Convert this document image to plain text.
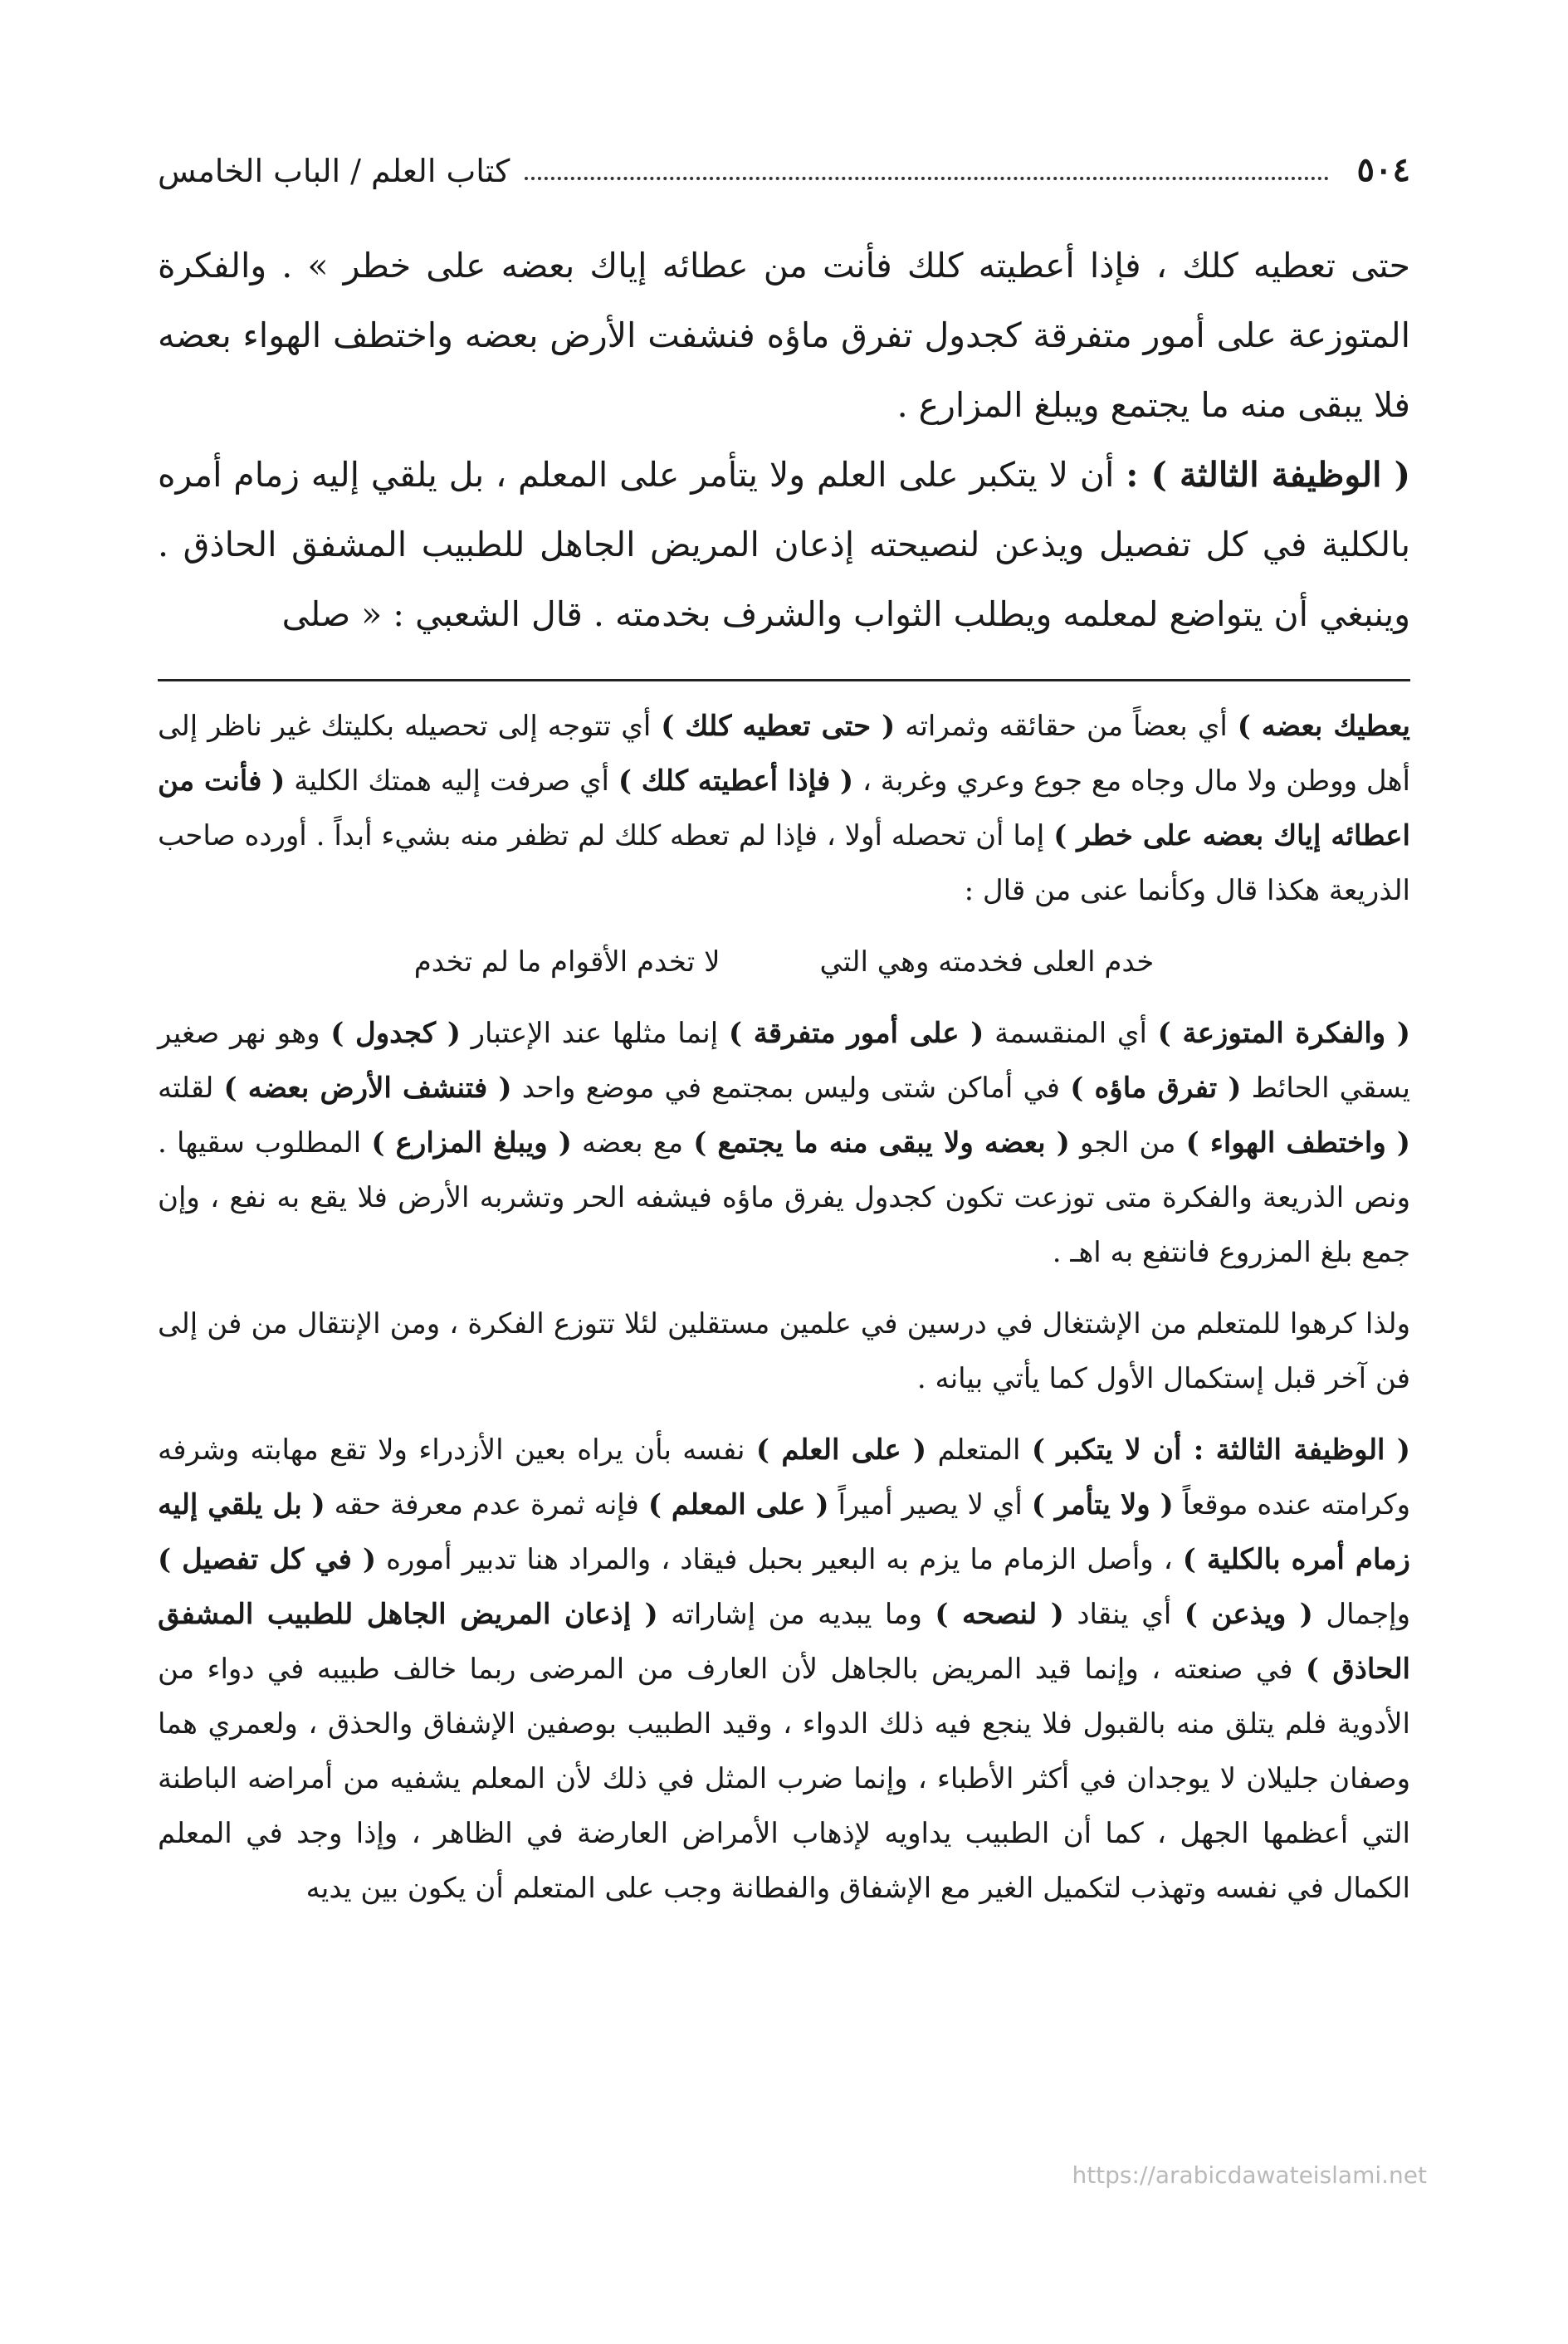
٥٠٤
كتاب العلم / الباب الخامس

حتى تعطيه كلك ، فإذا أعطيته كلك فأنت من عطائه إياك بعضه على خطر » . والفكرة المتوزعة على أمور متفرقة كجدول تفرق ماؤه فنشفت الأرض بعضه واختطف الهواء بعضه فلا يبقى منه ما يجتمع ويبلغ المزارع .

( الوظيفة الثالثة ) : أن لا يتكبر على العلم ولا يتأمر على المعلم ، بل يلقي إليه زمام أمره بالكلية في كل تفصيل ويذعن لنصيحته إذعان المريض الجاهل للطبيب المشفق الحاذق . وينبغي أن يتواضع لمعلمه ويطلب الثواب والشرف بخدمته . قال الشعبي : « صلى

يعطيك بعضه ) أي بعضاً من حقائقه وثمراته ( حتى تعطيه كلك ) أي تتوجه إلى تحصيله بكليتك غير ناظر إلى أهل ووطن ولا مال وجاه مع جوع وعري وغربة ، ( فإذا أعطيته كلك ) أي صرفت إليه همتك الكلية ( فأنت من اعطائه إياك بعضه على خطر ) إما أن تحصله أولا ، فإذا لم تعطه كلك لم تظفر منه بشيء أبداً . أورده صاحب الذريعة هكذا قال وكأنما عنى من قال :

خدم العلى فخدمته وهي التي
لا تخدم الأقوام ما لم تخدم

( والفكرة المتوزعة ) أي المنقسمة ( على أمور متفرقة ) إنما مثلها عند الإعتبار ( كجدول ) وهو نهر صغير يسقي الحائط ( تفرق ماؤه ) في أماكن شتى وليس بمجتمع في موضع واحد ( فتنشف الأرض بعضه ) لقلته ( واختطف الهواء ) من الجو ( بعضه ولا يبقى منه ما يجتمع ) مع بعضه ( ويبلغ المزارع ) المطلوب سقيها . ونص الذريعة والفكرة متى توزعت تكون كجدول يفرق ماؤه فيشفه الحر وتشربه الأرض فلا يقع به نفع ، وإن جمع بلغ المزروع فانتفع به اهـ .

ولذا كرهوا للمتعلم من الإشتغال في درسين في علمين مستقلين لئلا تتوزع الفكرة ، ومن الإنتقال من فن إلى فن آخر قبل إستكمال الأول كما يأتي بيانه .

( الوظيفة الثالثة : أن لا يتكبر ) المتعلم ( على العلم ) نفسه بأن يراه بعين الأزدراء ولا تقع مهابته وشرفه وكرامته عنده موقعاً ( ولا يتأمر ) أي لا يصير أميراً ( على المعلم ) فإنه ثمرة عدم معرفة حقه ( بل يلقي إليه زمام أمره بالكلية ) ، وأصل الزمام ما يزم به البعير بحبل فيقاد ، والمراد هنا تدبير أموره ( في كل تفصيل ) وإجمال ( ويذعن ) أي ينقاد ( لنصحه ) وما يبديه من إشاراته ( إذعان المريض الجاهل للطبيب المشفق الحاذق ) في صنعته ، وإنما قيد المريض بالجاهل لأن العارف من المرضى ربما خالف طبيبه في دواء من الأدوية فلم يتلق منه بالقبول فلا ينجع فيه ذلك الدواء ، وقيد الطبيب بوصفين الإشفاق والحذق ، ولعمري هما وصفان جليلان لا يوجدان في أكثر الأطباء ، وإنما ضرب المثل في ذلك لأن المعلم يشفيه من أمراضه الباطنة التي أعظمها الجهل ، كما أن الطبيب يداويه لإذهاب الأمراض العارضة في الظاهر ، وإذا وجد في المعلم الكمال في نفسه وتهذب لتكميل الغير مع الإشفاق والفطانة وجب على المتعلم أن يكون بين يديه

https://arabicdawateislami.net
